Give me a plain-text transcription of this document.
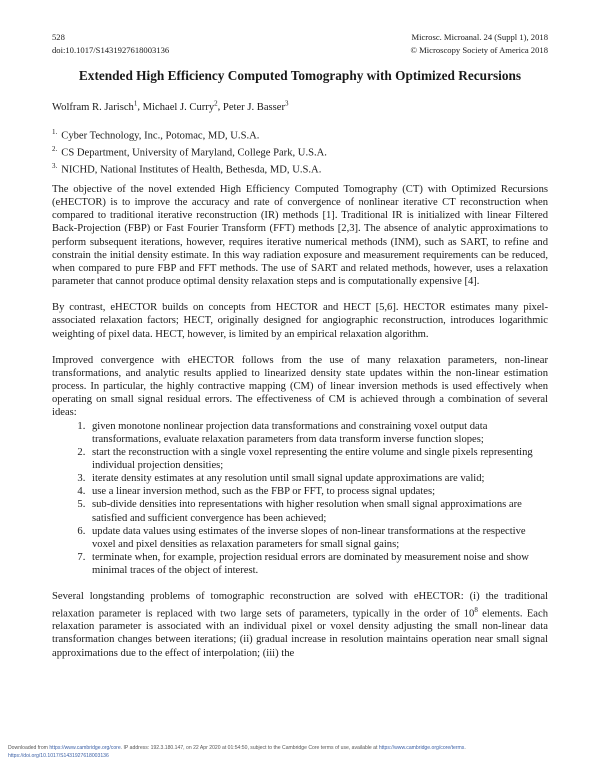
528
doi:10.1017/S1431927618003136
Microsc. Microanal. 24 (Suppl 1), 2018
© Microscopy Society of America 2018
Extended High Efficiency Computed Tomography with Optimized Recursions
Wolfram R. Jarisch$^1$, Michael J. Curry$^2$, Peter J. Basser$^3$
$^{1.}$ Cyber Technology, Inc., Potomac, MD, U.S.A.
$^{2.}$ CS Department, University of Maryland, College Park, U.S.A.
$^{3.}$ NICHD, National Institutes of Health, Bethesda, MD, U.S.A.

The objective of the novel extended High Efficiency Computed Tomography (CT) with Optimized Recursions (eHECTOR) is to improve the accuracy and rate of convergence of nonlinear iterative CT reconstruction when compared to traditional iterative reconstruction (IR) methods [1]. Traditional IR is initialized with linear Filtered Back-Projection (FBP) or Fast Fourier Transform (FFT) methods [2,3]. The absence of analytic approximations to perform subsequent iterations, however, requires iterative numerical methods (INM), such as SART, to refine and constrain the initial density estimate. In this way radiation exposure and measurement requirements can be reduced, when compared to pure FBP and FFT methods. The use of SART and related methods, however, uses a relaxation parameter that cannot produce optimal density relaxation steps and is computationally expensive [4].

By contrast, eHECTOR builds on concepts from HECTOR and HECT [5,6]. HECTOR estimates many pixel-associated relaxation factors; HECT, originally designed for angiographic reconstruction, introduces logarithmic weighting of pixel data. HECT, however, is limited by an empirical relaxation algorithm.

Improved convergence with eHECTOR follows from the use of many relaxation parameters, non-linear transformations, and analytic results applied to linearized density state updates within the non-linear estimation process. In particular, the highly contractive mapping (CM) of linear inversion methods is used effectively when operating on small signal residual errors. The effectiveness of CM is achieved through a combination of several ideas:

1. given monotone nonlinear projection data transformations and constraining voxel output data transformations, evaluate relaxation parameters from data transform inverse function slopes;
2. start the reconstruction with a single voxel representing the entire volume and single pixels representing individual projection densities;
3. iterate density estimates at any resolution until small signal update approximations are valid;
4. use a linear inversion method, such as the FBP or FFT, to process signal updates;
5. sub-divide densities into representations with higher resolution when small signal approximations are satisfied and sufficient convergence has been achieved;
6. update data values using estimates of the inverse slopes of non-linear transformations at the respective voxel and pixel densities as relaxation parameters for small signal gains;
7. terminate when, for example, projection residual errors are dominated by measurement noise and show minimal traces of the object of interest.

Several longstanding problems of tomographic reconstruction are solved with eHECTOR: (i) the traditional relaxation parameter is replaced with two large sets of parameters, typically in the order of $10^8$ elements. Each relaxation parameter is associated with an individual pixel or voxel density adjusting the small non-linear data transformation changes between iterations; (ii) gradual increase in resolution maintains operation near small signal approximations due to the effect of interpolation; (iii) the

Downloaded from https://www.cambridge.org/core. IP address: 192.3.180.147, on 22 Apr 2020 at 01:54:50, subject to the Cambridge Core terms of use, available at https://www.cambridge.org/core/terms.
https://doi.org/10.1017/S1431927618003136
